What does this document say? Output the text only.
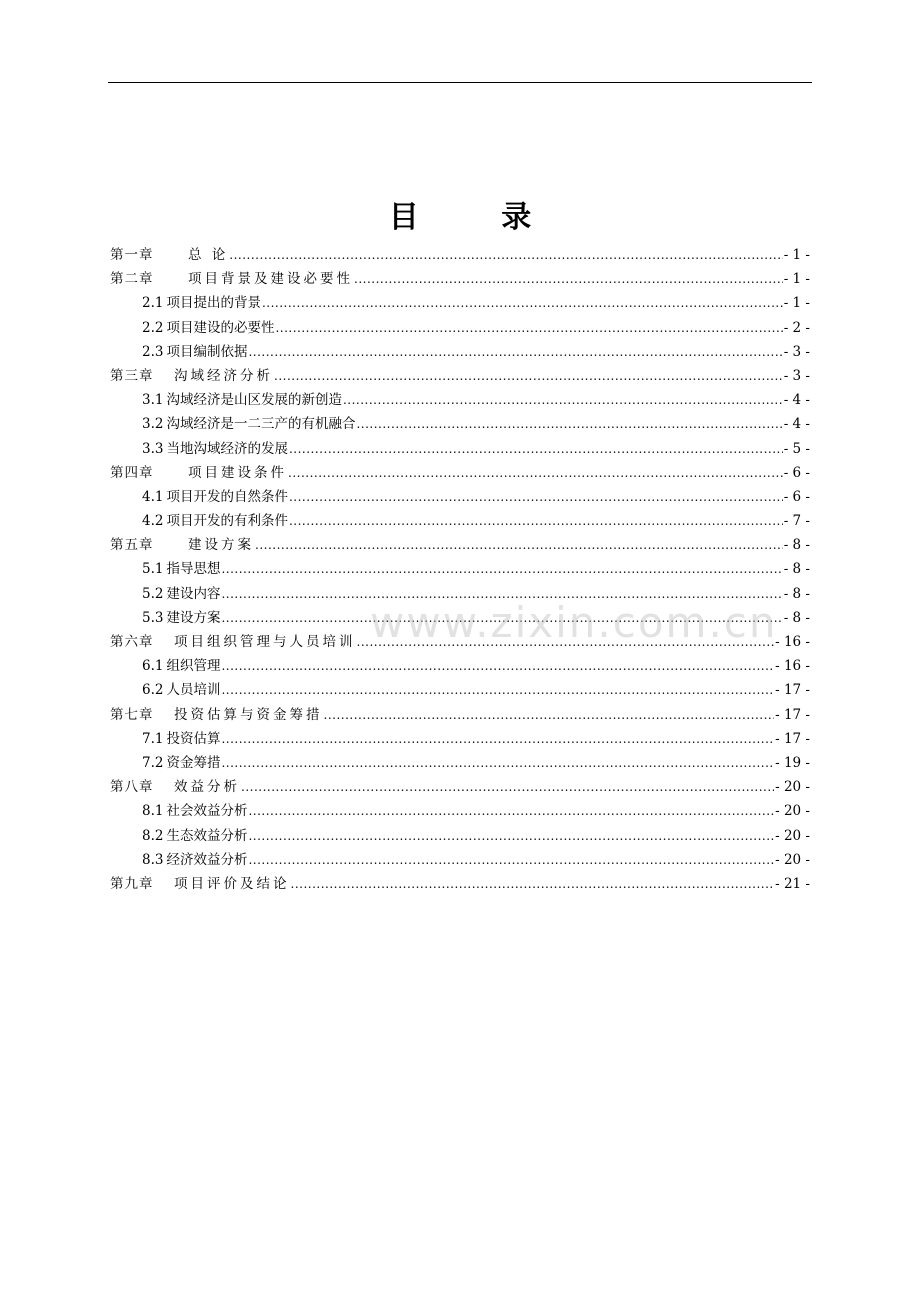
目 录
第一章	总 论 .....	- 1 -
第二章	项目背景及建设必要性 .....	- 1 -
2.1 项目提出的背景 .....	- 1 -
2.2 项目建设的必要性 .....	- 2 -
2.3 项目编制依据 .....	- 3 -
第三章 沟域经济分析 .....	- 3 -
3.1 沟域经济是山区发展的新创造 .....	- 4 -
3.2 沟域经济是一二三产的有机融合 .....	- 4 -
3.3 当地沟域经济的发展 .....	- 5 -
第四章	项目建设条件 .....	- 6 -
4.1 项目开发的自然条件 .....	- 6 -
4.2 项目开发的有利条件 .....	- 7 -
第五章	建设方案 .....	- 8 -
5.1 指导思想 .....	- 8 -
5.2 建设内容 .....	- 8 -
5.3 建设方案 .....	- 8 -
第六章 项目组织管理与人员培训 .....	- 16 -
6.1 组织管理 .....	- 16 -
6.2 人员培训 .....	- 17 -
第七章 投资估算与资金筹措 .....	- 17 -
7.1 投资估算 .....	- 17 -
7.2 资金筹措 .....	- 19 -
第八章 效益分析 .....	- 20 -
8.1 社会效益分析 .....	- 20 -
8.2 生态效益分析 .....	- 20 -
8.3 经济效益分析 .....	- 20 -
第九章 项目评价及结论 .....	- 21 -
www.zixin.com.cn
